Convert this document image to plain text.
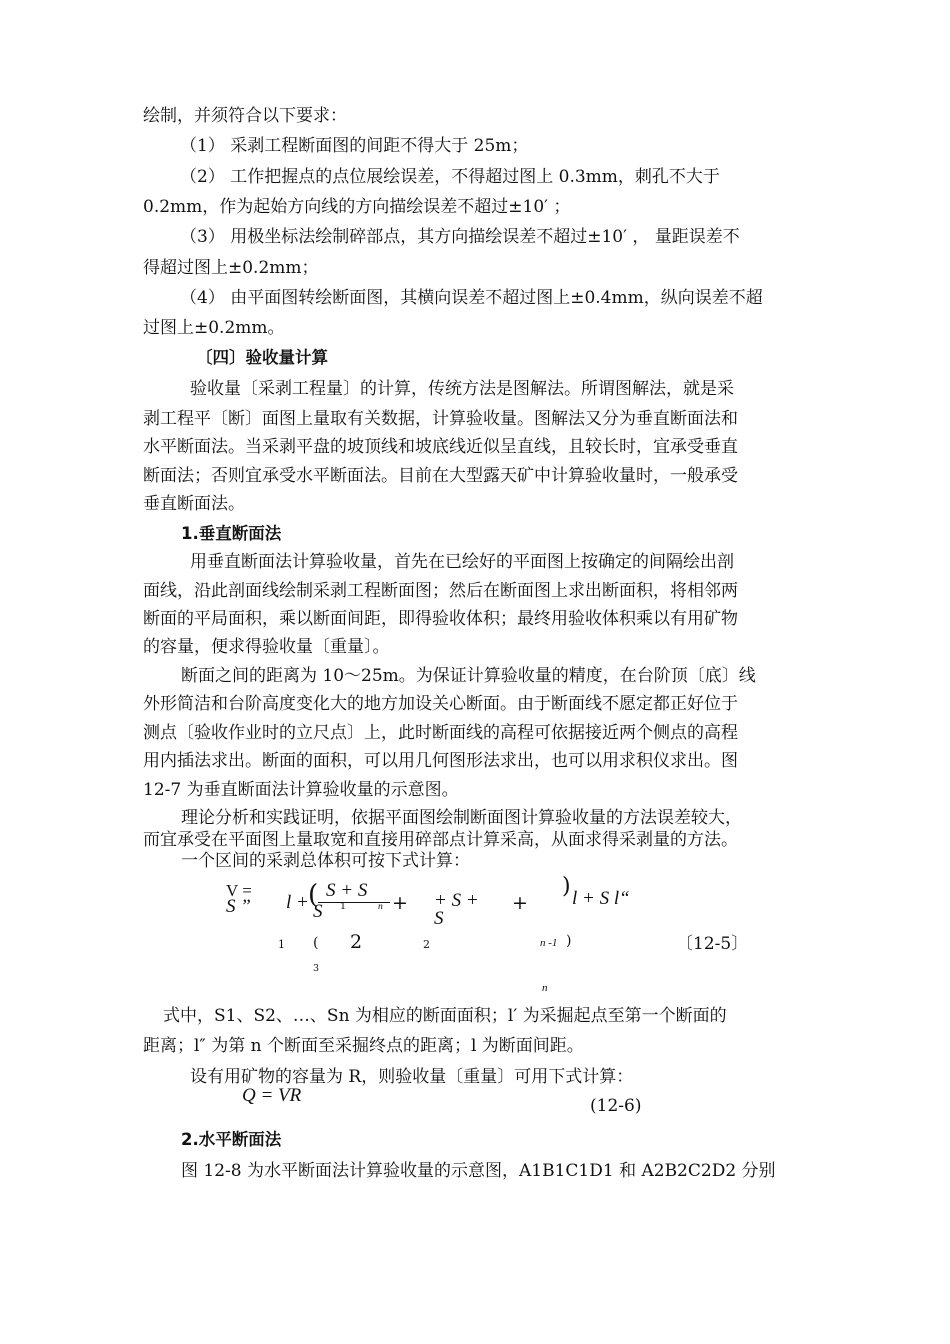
绘制，并须符合以下要求：
（1） 采剥工程断面图的间距不得大于 25m；
（2） 工作把握点的点位展绘误差，不得超过图上 0.3mm，刺孔不大于
0.2mm，作为起始方向线的方向描绘误差不超过±10′ ；
（3） 用极坐标法绘制碎部点，其方向描绘误差不超过±10′ ， 量距误差不
得超过图上±0.2mm；
（4） 由平面图转绘断面图，其横向误差不超过图上±0.4mm，纵向误差不超
过图上±0.2mm。
〔四〕验收量计算
验收量〔采剥工程量〕的计算，传统方法是图解法。所谓图解法，就是采
剥工程平〔断〕面图上量取有关数据，计算验收量。图解法又分为垂直断面法和
水平断面法。当采剥平盘的坡顶线和坡底线近似呈直线，且较长时，宜承受垂直
断面法；否则宜承受水平断面法。目前在大型露天矿中计算验收量时，一般承受
垂直断面法。
1.垂直断面法
用垂直断面法计算验收量，首先在已绘好的平面图上按确定的间隔绘出剖
面线，沿此剖面线绘制采剥工程断面图；然后在断面图上求出断面积，将相邻两
断面的平局面积，乘以断面间距，即得验收体积；最终用验收体积乘以有用矿物
的容量，便求得验收量〔重量〕。
断面之间的距离为 10～25m。为保证计算验收量的精度，在台阶顶〔底〕线
外形简洁和台阶高度变化大的地方加设关心断面。由于断面线不愿定都正好位于
测点〔验收作业时的立尺点〕上，此时断面线的高程可依据接近两个侧点的高程
用内插法求出。断面的面积，可以用几何图形法求出，也可以用求积仪求出。图
12-7 为垂直断面法计算验收量的示意图。
理论分析和实践证明，依据平面图绘制断面图计算验收量的方法误差较大，
而宜承受在平面图上量取宽和直接用碎部点计算采高，从面求得采剥量的方法。
一个区间的采剥总体积可按下式计算：
V =
S ” l + ( S + S
1	n
S	+ + S +
S
+
) l + S l“
1 ( 2	2	n -1 )	〔12-5〕
3
n
式中，S1、S2、…、Sn 为相应的断面面积；l′ 为采掘起点至第一个断面的
距离；l″ 为第 n 个断面至采掘终点的距离；l 为断面间距。
设有用矿物的容量为 R，则验收量〔重量〕可用下式计算：
Q = VR	(12-6)
2.水平断面法
图 12-8 为水平断面法计算验收量的示意图，A1B1C1D1 和 A2B2C2D2 分别
